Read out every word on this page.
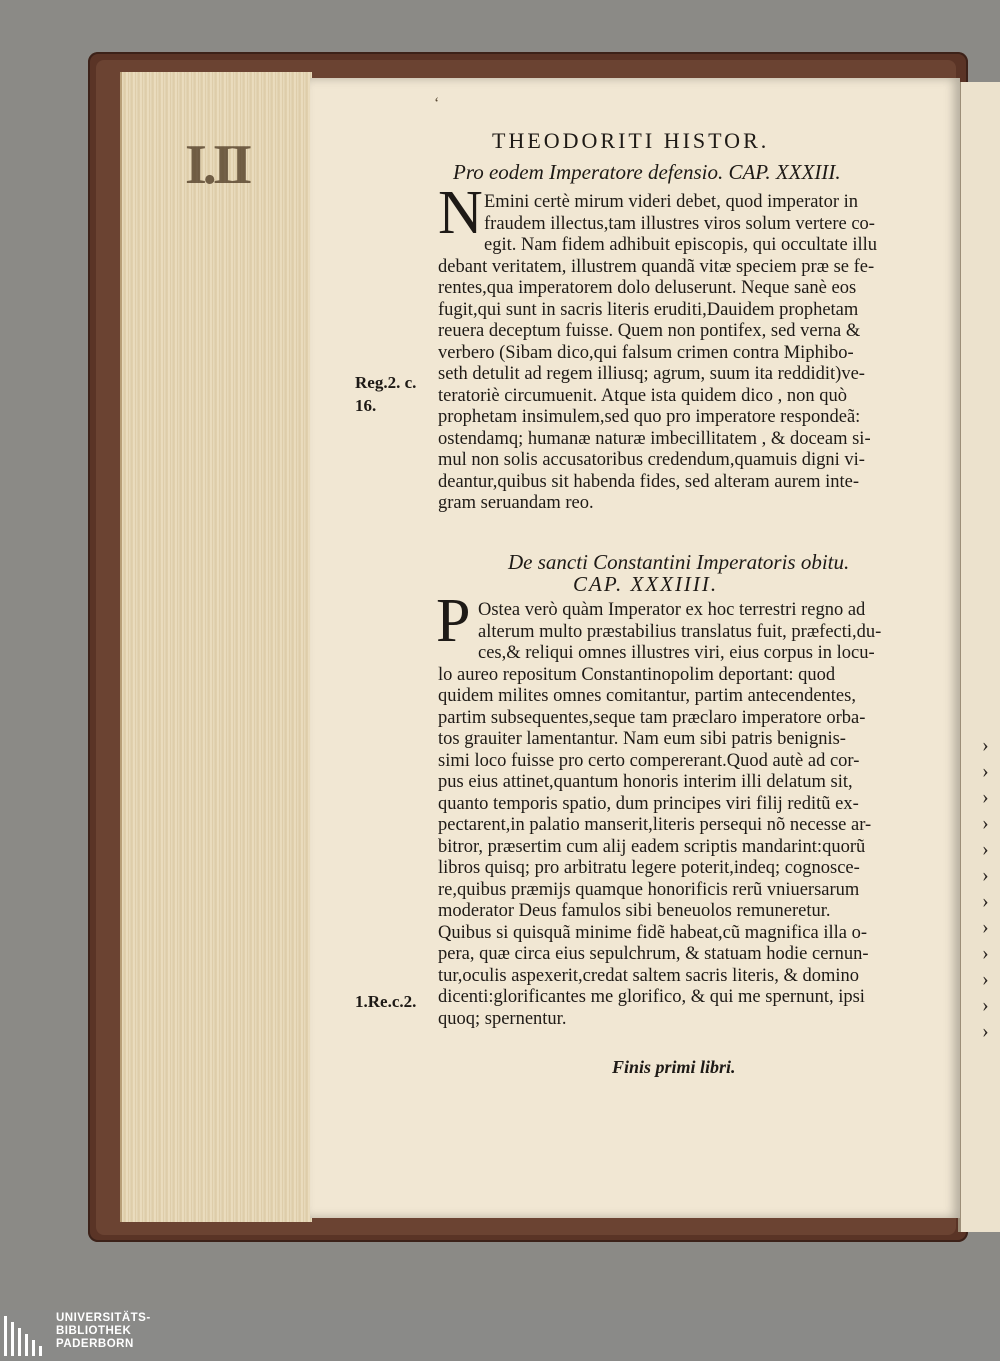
I.II
›
›
›
›
›
›
›
›
›
›
›
›
‘
THEODORITI HISTOR.
Pro eodem Imperatore defensio. CAP. XXXIII.
N Emini certè mirum videri debet, quod imperator in
fraudem illectus,tam illustres viros solum vertere co-
egit. Nam fidem adhibuit episcopis, qui occultate illu
debant veritatem, illustrem quandã vitæ speciem præ se fe-
rentes,qua imperatorem dolo deluserunt. Neque sanè eos
fugit,qui sunt in sacris literis eruditi,Dauidem prophetam
reuera deceptum fuisse. Quem non pontifex, sed verna &
verbero (Sibam dico,qui falsum crimen contra Miphibo-
seth detulit ad regem illiusq; agrum, suum ita reddidit)ve-
teratoriè circumuenit. Atque ista quidem dico , non quò
prophetam insimulem,sed quo pro imperatore respondeã:
ostendamq; humanæ naturæ imbecillitatem , & doceam si-
mul non solis accusatoribus credendum,quamuis digni vi-
deantur,quibus sit habenda fides, sed alteram aurem inte-
gram seruandam reo.
Reg.2. c.
16.
De sancti Constantini Imperatoris obitu.
CAP. XXXIIII.
P Ostea verò quàm Imperator ex hoc terrestri regno ad
alterum multo præstabilius translatus fuit, præfecti,du-
ces,& reliqui omnes illustres viri, eius corpus in locu-
lo aureo repositum Constantinopolim deportant: quod
quidem milites omnes comitantur, partim antecendentes,
partim subsequentes,seque tam præclaro imperatore orba-
tos grauiter lamentantur. Nam eum sibi patris benignis-
simi loco fuisse pro certo compererant.Quod autè ad cor-
pus eius attinet,quantum honoris interim illi delatum sit,
quanto temporis spatio, dum principes viri filij reditũ ex-
pectarent,in palatio manserit,literis persequi nõ necesse ar-
bitror, præsertim cum alij eadem scriptis mandarint:quorũ
libros quisq; pro arbitratu legere poterit,indeq; cognosce-
re,quibus præmijs quamque honorificis rerũ vniuersarum
moderator Deus famulos sibi beneuolos remuneretur.
Quibus si quisquã minime fidẽ habeat,cũ magnifica illa o-
pera, quæ circa eius sepulchrum, & statuam hodie cernun-
tur,oculis aspexerit,credat saltem sacris literis, & domino
dicenti:glorificantes me glorifico, & qui me spernunt, ipsi
quoq; spernentur.
1.Re.c.2.
Finis primi libri.
UNIVERSITÄTS-
BIBLIOTHEK
PADERBORN
